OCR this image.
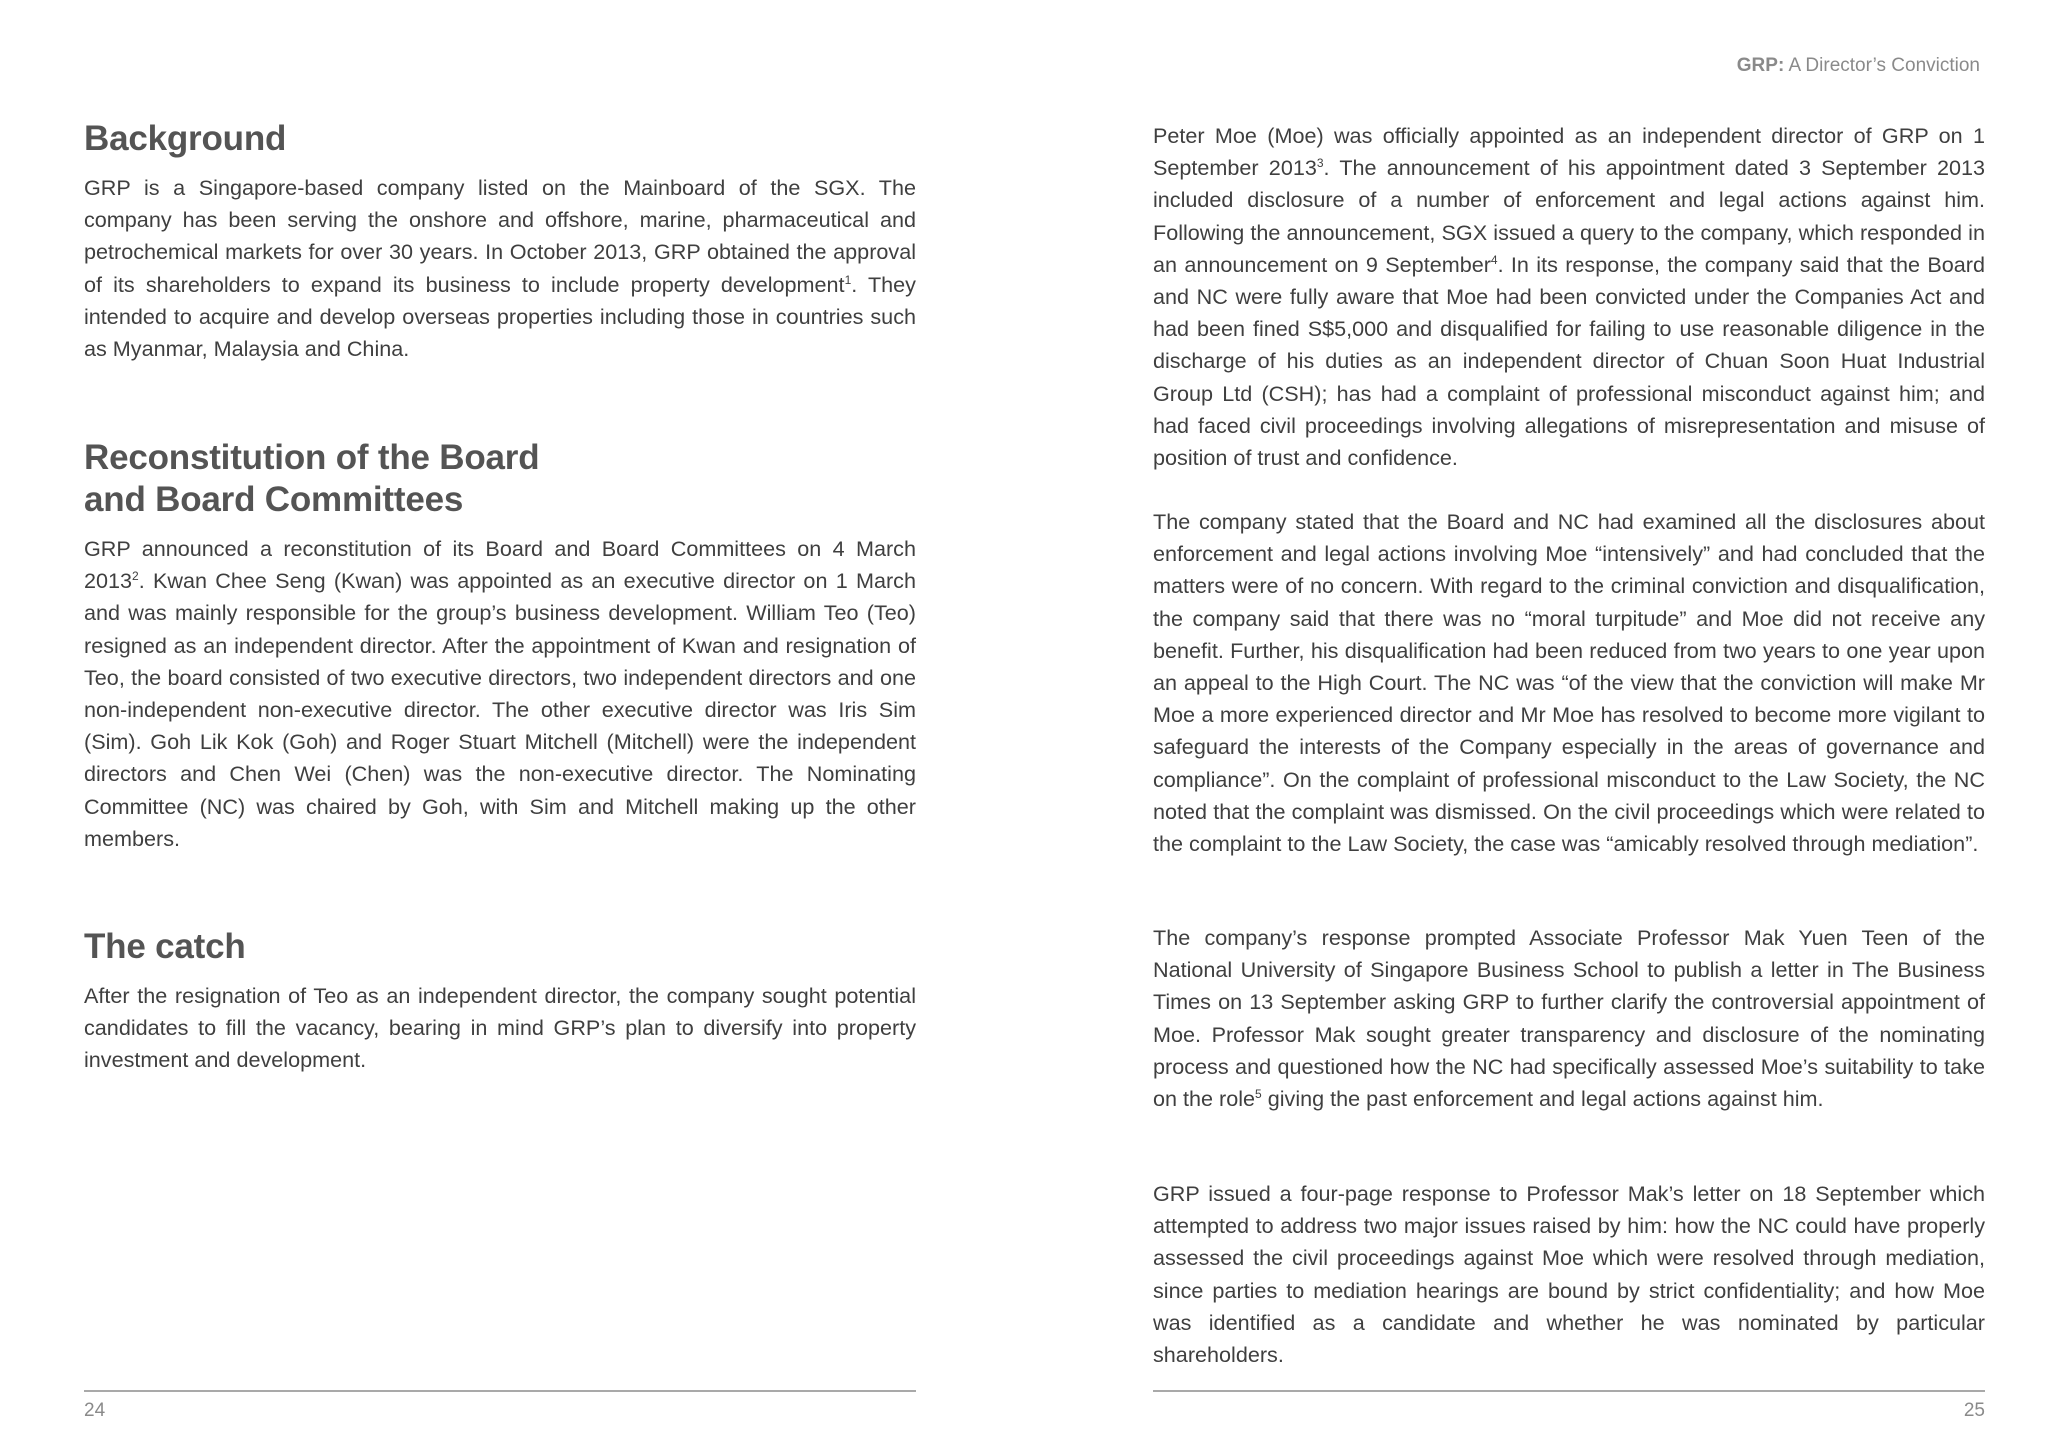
GRP: A Director’s Conviction
Background

GRP is a Singapore-based company listed on the Mainboard of the SGX. The company has been serving the onshore and offshore, marine, pharmaceutical and petrochemical markets for over 30 years. In October 2013, GRP obtained the approval of its shareholders to expand its business to include property development$^1$. They intended to acquire and develop overseas properties including those in countries such as Myanmar, Malaysia and China.

Reconstitution of the Board
and Board Committees

GRP announced a reconstitution of its Board and Board Committees on 4 March 2013$^2$. Kwan Chee Seng (Kwan) was appointed as an executive director on 1 March and was mainly responsible for the group’s business development. William Teo (Teo) resigned as an independent director. After the appointment of Kwan and resignation of Teo, the board consisted of two executive directors, two independent directors and one non-independent non-executive director. The other executive director was Iris Sim (Sim). Goh Lik Kok (Goh) and Roger Stuart Mitchell (Mitchell) were the independent directors and Chen Wei (Chen) was the non-executive director. The Nominating Committee (NC) was chaired by Goh, with Sim and Mitchell making up the other members.

The catch

After the resignation of Teo as an independent director, the company sought potential candidates to fill the vacancy, bearing in mind GRP’s plan to diversify into property investment and development.

24

Peter Moe (Moe) was officially appointed as an independent director of GRP on 1 September 2013$^3$. The announcement of his appointment dated 3 September 2013 included disclosure of a number of enforcement and legal actions against him. Following the announcement, SGX issued a query to the company, which responded in an announcement on 9 September$^4$. In its response, the company said that the Board and NC were fully aware that Moe had been convicted under the Companies Act and had been fined S$5,000 and disqualified for failing to use reasonable diligence in the discharge of his duties as an independent director of Chuan Soon Huat Industrial Group Ltd (CSH); has had a complaint of professional misconduct against him; and had faced civil proceedings involving allegations of misrepresentation and misuse of position of trust and confidence.

The company stated that the Board and NC had examined all the disclosures about enforcement and legal actions involving Moe “intensively” and had concluded that the matters were of no concern. With regard to the criminal conviction and disqualification, the company said that there was no “moral turpitude” and Moe did not receive any benefit. Further, his disqualification had been reduced from two years to one year upon an appeal to the High Court. The NC was “of the view that the conviction will make Mr Moe a more experienced director and Mr Moe has resolved to become more vigilant to safeguard the interests of the Company especially in the areas of governance and compliance”. On the complaint of professional misconduct to the Law Society, the NC noted that the complaint was dismissed. On the civil proceedings which were related to the complaint to the Law Society, the case was “amicably resolved through mediation”.

The company’s response prompted Associate Professor Mak Yuen Teen of the National University of Singapore Business School to publish a letter in The Business Times on 13 September asking GRP to further clarify the controversial appointment of Moe. Professor Mak sought greater transparency and disclosure of the nominating process and questioned how the NC had specifically assessed Moe’s suitability to take on the role$^5$ giving the past enforcement and legal actions against him.

GRP issued a four-page response to Professor Mak’s letter on 18 September which attempted to address two major issues raised by him: how the NC could have properly assessed the civil proceedings against Moe which were resolved through mediation, since parties to mediation hearings are bound by strict confidentiality; and how Moe was identified as a candidate and whether he was nominated by particular shareholders.

25
